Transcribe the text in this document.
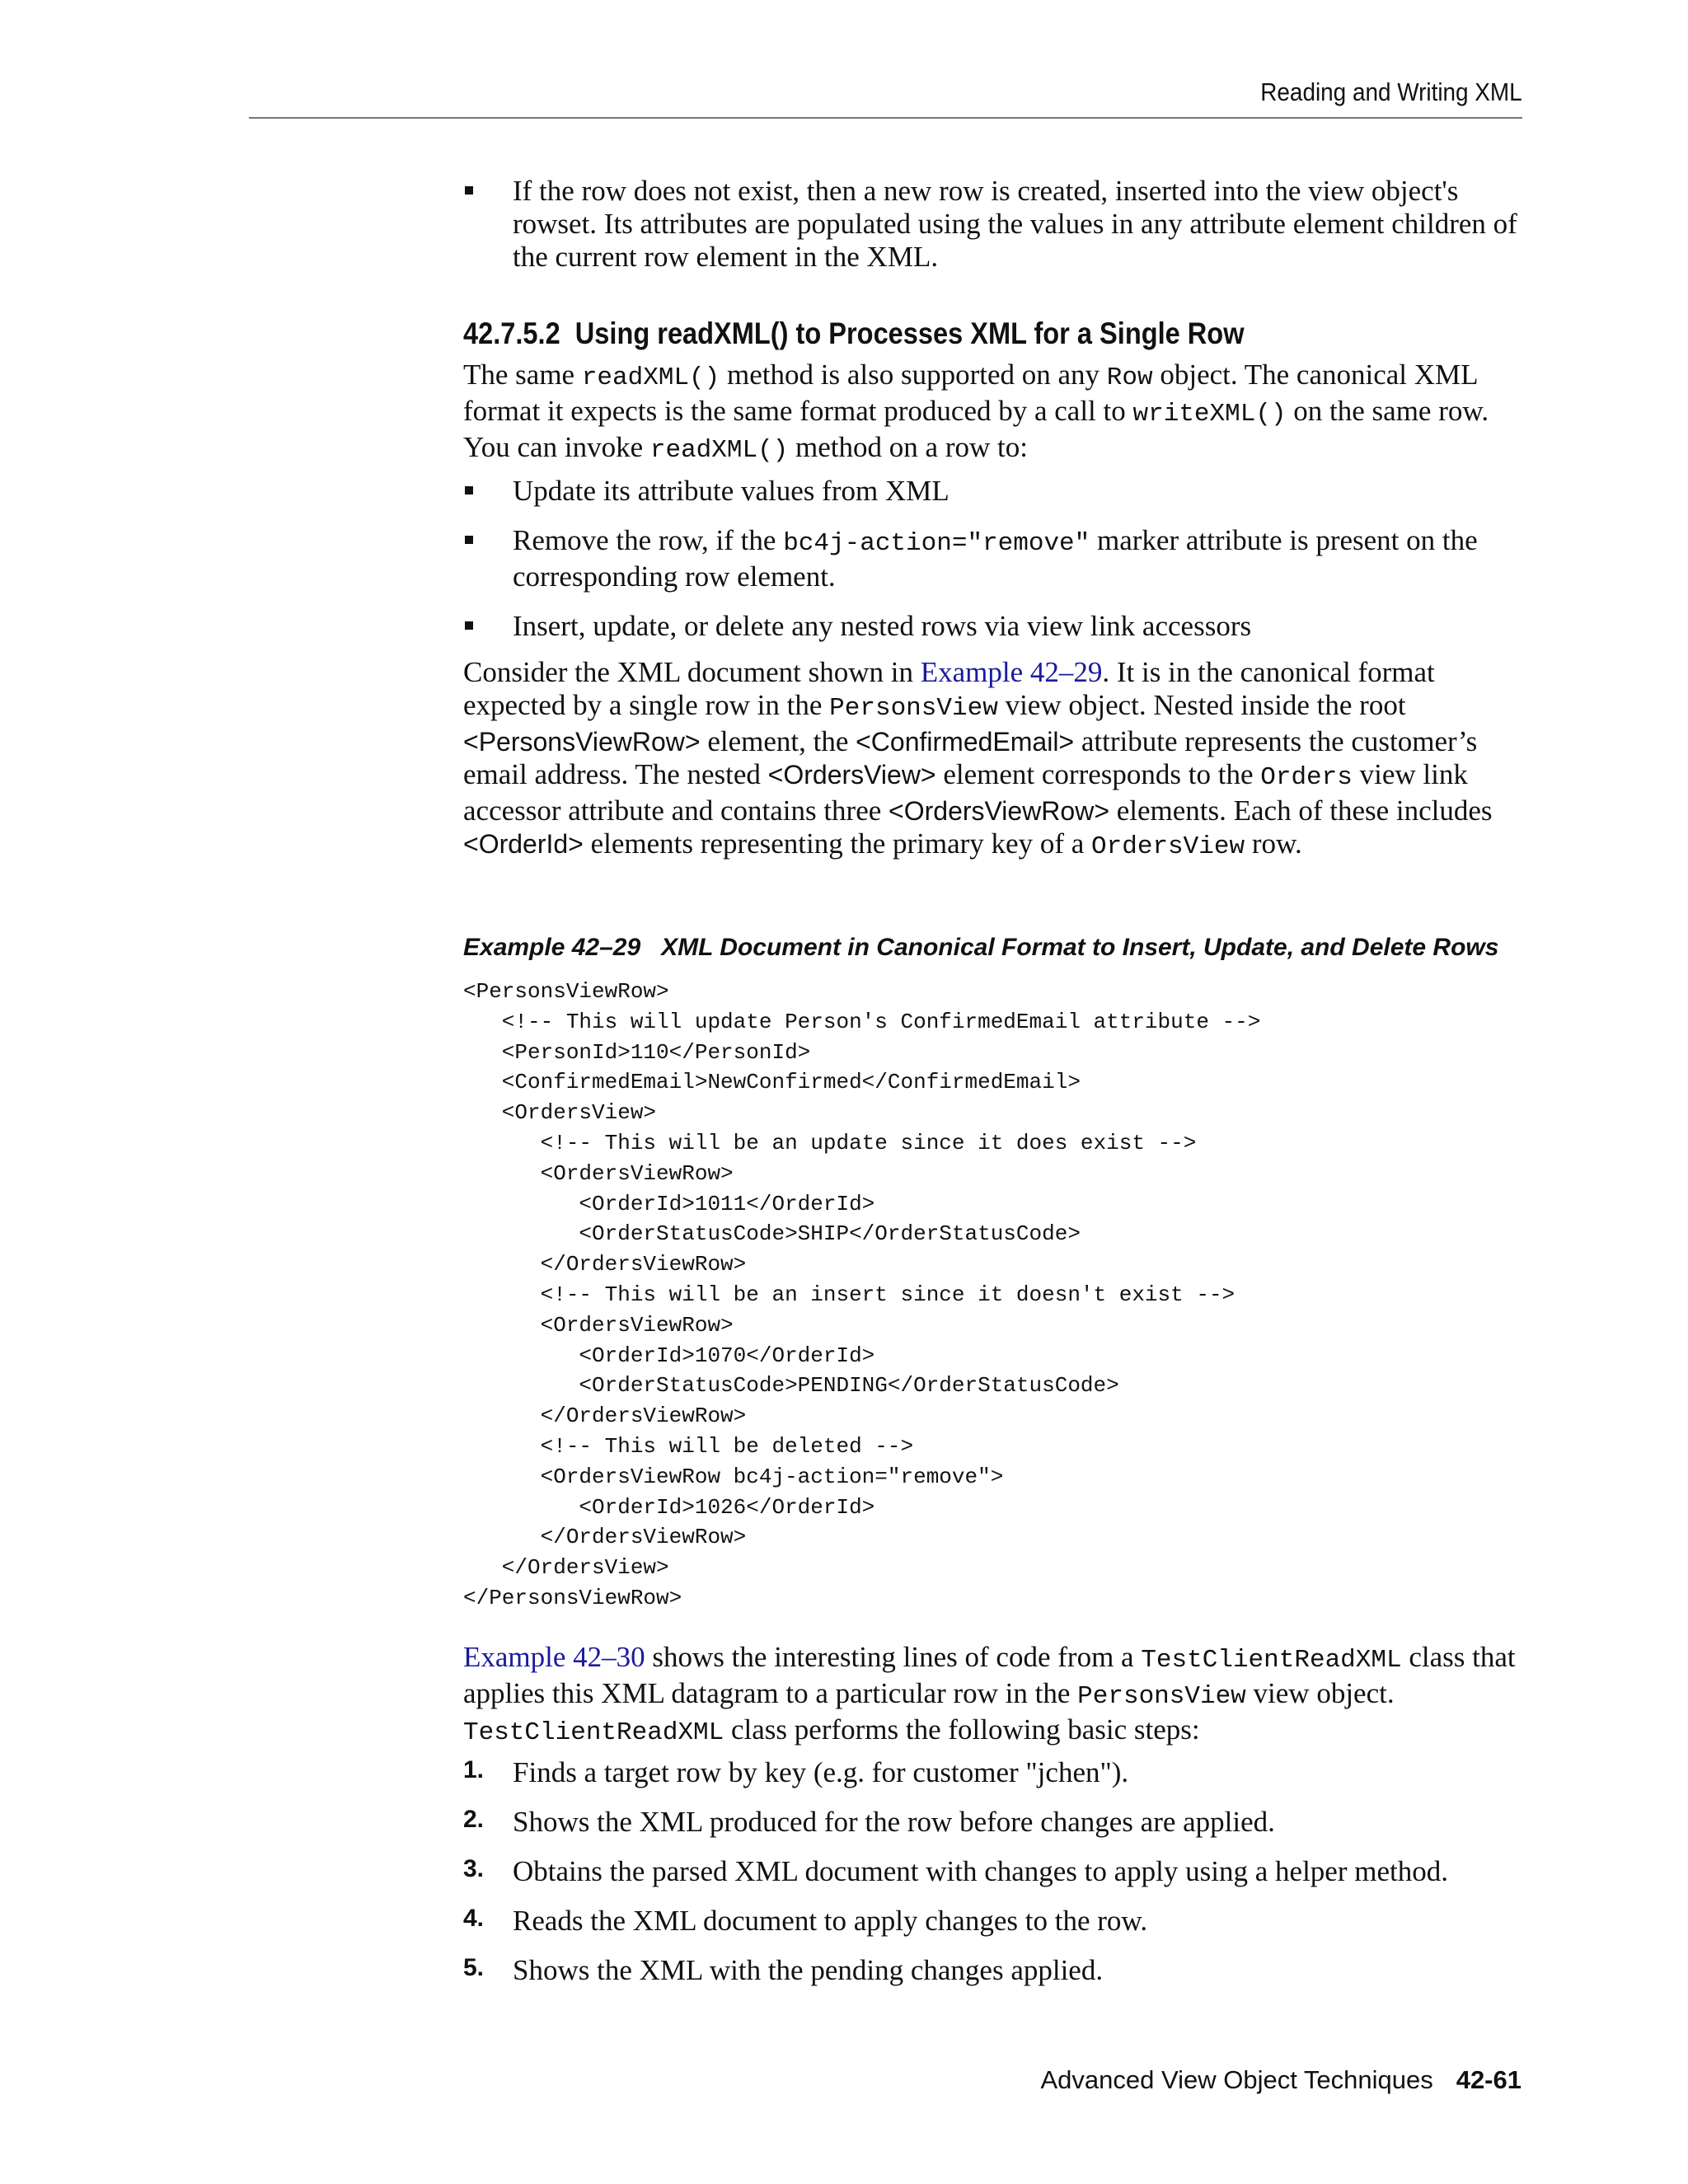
Reading and Writing XML

If the row does not exist, then a new row is created, inserted into the view object's rowset. Its attributes are populated using the values in any attribute element children of the current row element in the XML.

42.7.5.2 Using readXML() to Processes XML for a Single Row

The same readXML() method is also supported on any Row object. The canonical XML format it expects is the same format produced by a call to writeXML() on the same row. You can invoke readXML() method on a row to:

Update its attribute values from XML

Remove the row, if the bc4j-action="remove" marker attribute is present on the corresponding row element.

Insert, update, or delete any nested rows via view link accessors

Consider the XML document shown in Example 42–29. It is in the canonical format expected by a single row in the PersonsView view object. Nested inside the root <PersonsViewRow> element, the <ConfirmedEmail> attribute represents the customer’s email address. The nested <OrdersView> element corresponds to the Orders view link accessor attribute and contains three <OrdersViewRow> elements. Each of these includes <OrderId> elements representing the primary key of a OrdersView row.

Example 42–29 XML Document in Canonical Format to Insert, Update, and Delete Rows

<PersonsViewRow>
<!-- This will update Person's ConfirmedEmail attribute -->
<PersonId>110</PersonId>
<ConfirmedEmail>NewConfirmed</ConfirmedEmail>
<OrdersView>
<!-- This will be an update since it does exist -->
<OrdersViewRow>
<OrderId>1011</OrderId>
<OrderStatusCode>SHIP</OrderStatusCode>
</OrdersViewRow>
<!-- This will be an insert since it doesn't exist -->
<OrdersViewRow>
<OrderId>1070</OrderId>
<OrderStatusCode>PENDING</OrderStatusCode>
</OrdersViewRow>
<!-- This will be deleted -->
<OrdersViewRow bc4j-action="remove">
<OrderId>1026</OrderId>
</OrdersViewRow>
</OrdersView>
</PersonsViewRow>

Example 42–30 shows the interesting lines of code from a TestClientReadXML class that applies this XML datagram to a particular row in the PersonsView view object. TestClientReadXML class performs the following basic steps:

1. Finds a target row by key (e.g. for customer "jchen").

2. Shows the XML produced for the row before changes are applied.

3. Obtains the parsed XML document with changes to apply using a helper method.

4. Reads the XML document to apply changes to the row.

5. Shows the XML with the pending changes applied.

Advanced View Object Techniques 42-61
